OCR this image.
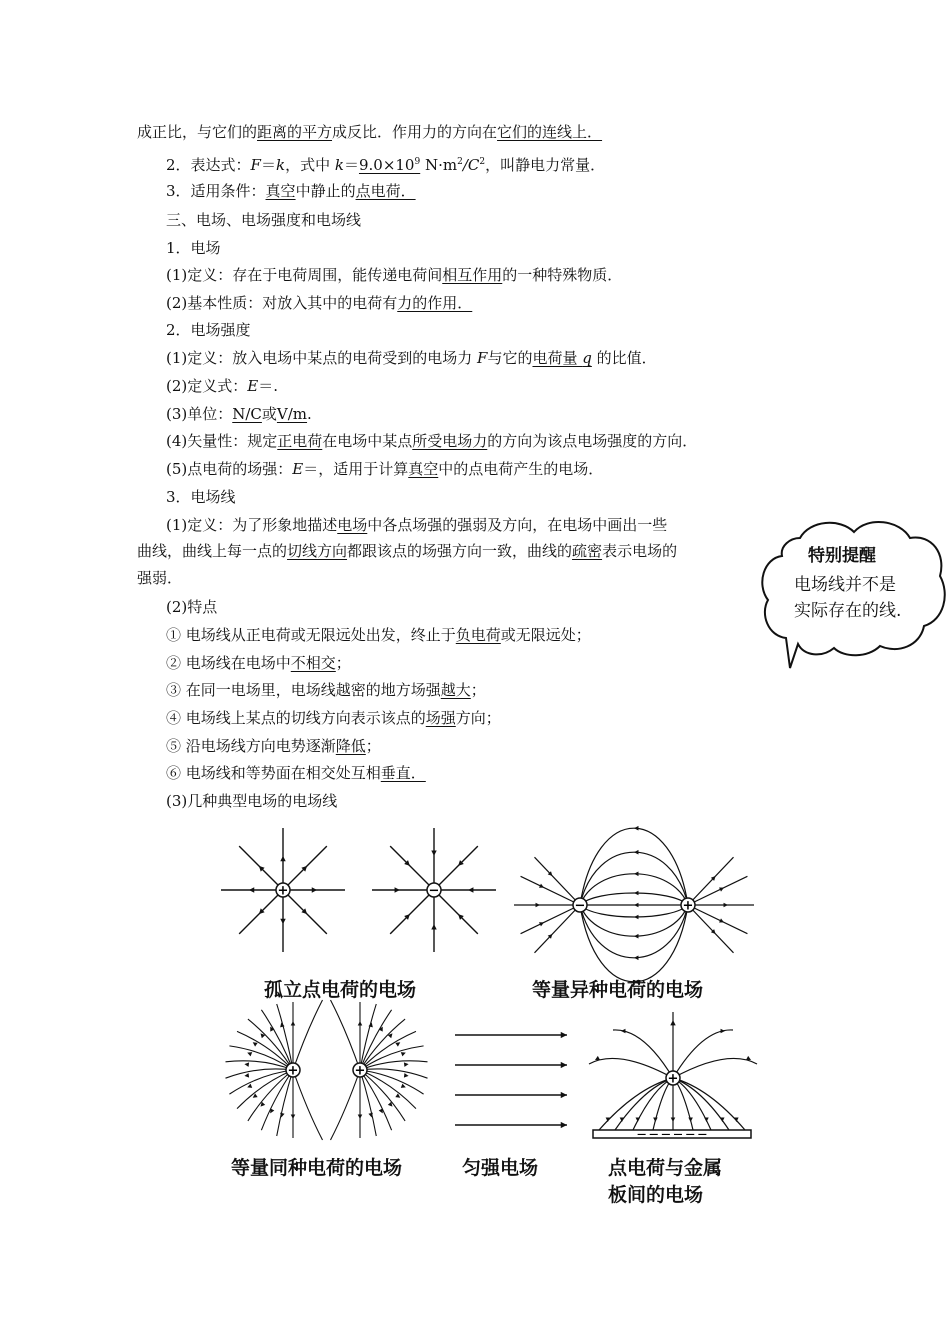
成正比，与它们的距离的平方成反比．作用力的方向在它们的连线上．
2．表达式：F＝k，式中 $k=9.0\times 10^9$ $N\cdot m^2/C^2$，叫静电力常量．
3．适用条件：真空中静止的点电荷．
三、电场、电场强度和电场线
1．电场
(1)定义：存在于电荷周围，能传递电荷间相互作用的一种特殊物质．
(2)基本性质：对放入其中的电荷有力的作用．
2．电场强度
(1)定义：放入电场中某点的电荷受到的电场力 F与它的电荷量 q 的比值．
(2)定义式：E＝.
(3)单位：N/C或V/m.
(4)矢量性：规定正电荷在电场中某点所受电场力的方向为该点电场强度的方向．
(5)点电荷的场强：E＝，适用于计算真空中的点电荷产生的电场．
3．电场线
(1)定义：为了形象地描述电场中各点场强的强弱及方向，在电场中画出一些
曲线，曲线上每一点的切线方向都跟该点的场强方向一致，曲线的疏密表示电场的
强弱．
(2)特点
① 电场线从正电荷或无限远处出发，终止于负电荷或无限远处；
② 电场线在电场中不相交；
③ 在同一电场里，电场线越密的地方场强越大；
④ 电场线上某点的切线方向表示该点的场强方向；
⑤ 沿电场线方向电势逐渐降低；
⑥ 电场线和等势面在相交处互相垂直．
(3)几种典型电场的电场线
特别提醒
电场线并不是
实际存在的线.
+	−
−	+
+	+
— — — — — —
+
孤立点电荷的电场	等量异种电荷的电场
等量同种电荷的电场	匀强电场	点电荷与金属
板间的电场
